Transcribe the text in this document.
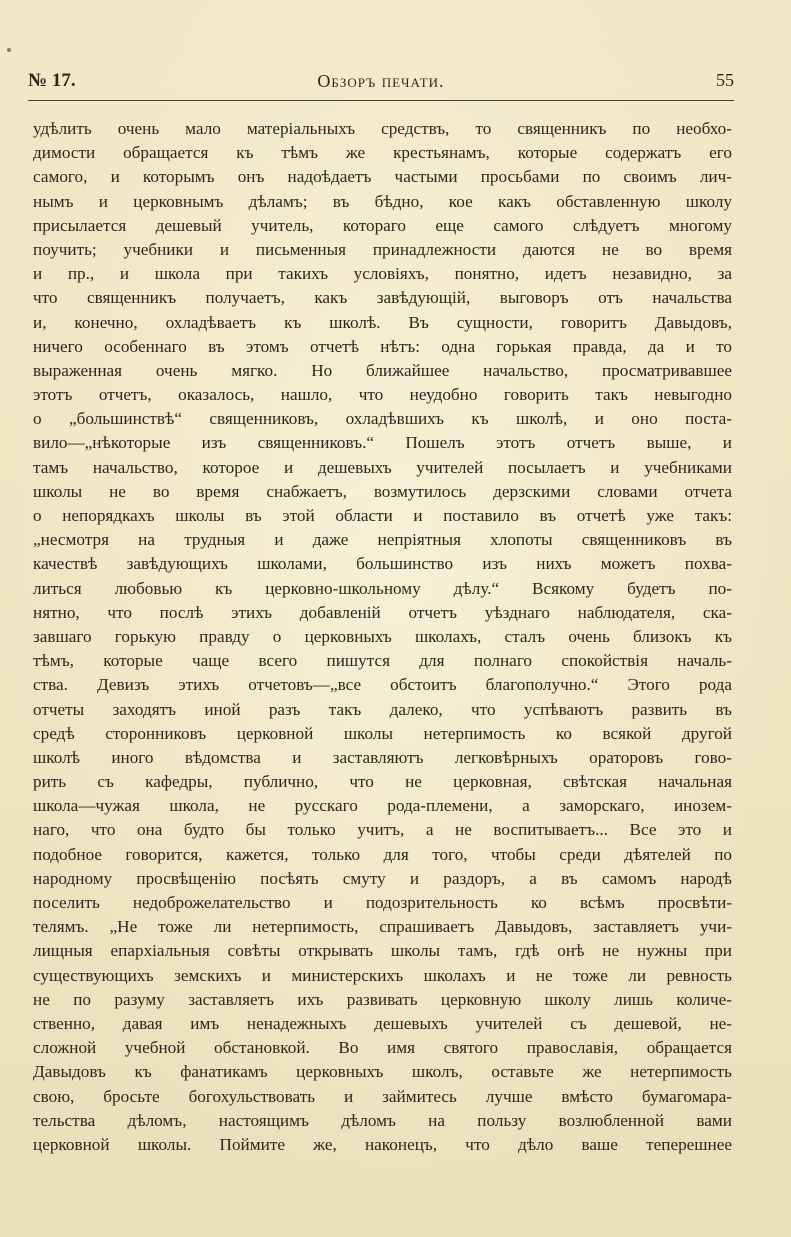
№ 17.	Обзоръ печати.	55
удѣлить очень мало матеріальныхъ средствъ, то священникъ по необхо-
димости обращается къ тѣмъ же крестьянамъ, которые содержатъ его
самого, и которымъ онъ надоѣдаетъ частыми просьбами по своимъ лич-
нымъ и церковнымъ дѣламъ; въ бѣдно, кое какъ обставленную школу
присылается дешевый учитель, котораго еще самого слѣдуетъ многому
поучить; учебники и письменныя принадлежности даются не во время
и пр., и школа при такихъ условіяхъ, понятно, идетъ незавидно, за
что священникъ получаетъ, какъ завѣдующій, выговоръ отъ начальства
и, конечно, охладѣваетъ къ школѣ. Въ сущности, говоритъ Давыдовъ,
ничего особеннаго въ этомъ отчетѣ нѣтъ: одна горькая правда, да и то
выраженная очень мягко. Но ближайшее начальство, просматривавшее
этотъ отчетъ, оказалось, нашло, что неудобно говорить такъ невыгодно
о „большинствѣ“ священниковъ, охладѣвшихъ къ школѣ, и оно поста-
вило—„нѣкоторые изъ священниковъ.“ Пошелъ этотъ отчетъ выше, и
тамъ начальство, которое и дешевыхъ учителей посылаетъ и учебниками
школы не во время снабжаетъ, возмутилось дерзскими словами отчета
о непорядкахъ школы въ этой области и поставило въ отчетѣ уже такъ:
„несмотря на трудныя и даже непріятныя хлопоты священниковъ въ
качествѣ завѣдующихъ школами, большинство изъ нихъ можетъ похва-
литься любовью къ церковно-школьному дѣлу.“ Всякому будетъ по-
нятно, что послѣ этихъ добавленій отчетъ уѣзднаго наблюдателя, ска-
завшаго горькую правду о церковныхъ школахъ, сталъ очень близокъ къ
тѣмъ, которые чаще всего пишутся для полнаго спокойствія началь-
ства. Девизъ этихъ отчетовъ—„все обстоитъ благополучно.“ Этого рода
отчеты заходятъ иной разъ такъ далеко, что успѣваютъ развить въ
средѣ сторонниковъ церковной школы нетерпимость ко всякой другой
школѣ иного вѣдомства и заставляютъ легковѣрныхъ ораторовъ гово-
рить съ кафедры, публично, что не церковная, свѣтская начальная
школа—чужая школа, не русскаго рода-племени, а заморскаго, инозем-
наго, что она будто бы только учитъ, а не воспитываетъ... Все это и
подобное говорится, кажется, только для того, чтобы среди дѣятелей по
народному просвѣщенію посѣять смуту и раздоръ, а въ самомъ народѣ
поселить недоброжелательство и подозрительность ко всѣмъ просвѣти-
телямъ. „Не тоже ли нетерпимость, спрашиваетъ Давыдовъ, заставляетъ учи-
лищныя епархіальныя совѣты открывать школы тамъ, гдѣ онѣ не нужны при
существующихъ земскихъ и министерскихъ школахъ и не тоже ли ревность
не по разуму заставляетъ ихъ развивать церковную школу лишь количе-
ственно, давая имъ ненадежныхъ дешевыхъ учителей съ дешевой, не-
сложной учебной обстановкой. Во имя святого православія, обращается
Давыдовъ къ фанатикамъ церковныхъ школъ, оставьте же нетерпимость
свою, бросьте богохульствовать и займитесь лучше вмѣсто бумагомара-
тельства дѣломъ, настоящимъ дѣломъ на пользу возлюбленной вами
церковной школы. Поймите же, наконецъ, что дѣло ваше теперешнее
